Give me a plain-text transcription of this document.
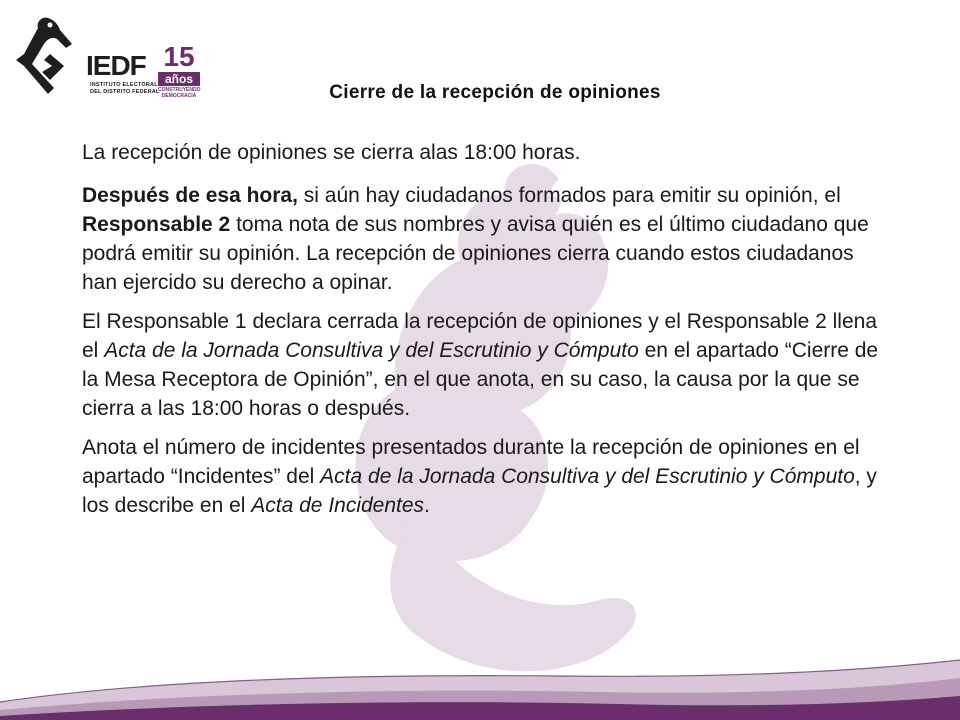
IEDF
INSTITUTO ELECTORAL DEL DISTRITO FEDERAL
15
años
CONSTRUYENDO DEMOCRACIA	Cierre de la recepción de opiniones

La recepción de opiniones se cierra alas 18:00 horas.

Después de esa hora, si aún hay ciudadanos formados para emitir su opinión, el Responsable 2 toma nota de sus nombres y avisa quién es el último ciudadano que podrá emitir su opinión. La recepción de opiniones cierra cuando estos ciudadanos han ejercido su derecho a opinar.

El Responsable 1 declara cerrada la recepción de opiniones y el Responsable 2 llena el Acta de la Jornada Consultiva y del Escrutinio y Cómputo en el apartado “Cierre de la Mesa Receptora de Opinión”, en el que anota, en su caso, la causa por la que se cierra a las 18:00 horas o después.

Anota el número de incidentes presentados durante la recepción de opiniones en el apartado “Incidentes” del Acta de la Jornada Consultiva y del Escrutinio y Cómputo, y los describe en el Acta de Incidentes.
